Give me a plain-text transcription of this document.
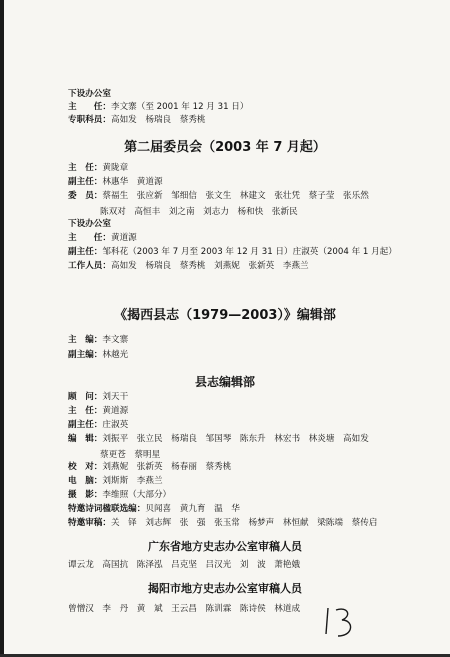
下设办公室
主　　任：李文寨（至 2001 年 12 月 31 日）
专职科员：高如发　杨瑞良　蔡秀桃
第二届委员会（2003 年 7 月起）
主　任：黄陇章
副主任：林惠华　黄道源
委　员：蔡福生　张应新　邹细信　张文生　林建文　张壮凭　蔡子莹　张乐然
陈双对　高恒丰　刘之南　刘志力　杨和快　张新民
下设办公室
主　　任：黄道源
副主任：邹科花（2003 年 7 月至 2003 年 12 月 31 日）庄淑英（2004 年 1 月起）
工作人员：高如发　杨瑞良　蔡秀桃　刘燕妮　张新英　李燕兰
《揭西县志（1979—2003）》编辑部
主　编：李文寨
副主编：林越光
县志编辑部
顾　问：刘天干
主　任：黄道源
副主任：庄淑英
编　辑：刘振平　张立民　杨瑞良　邹国琴　陈东升　林宏书　林炎塘　高如发
蔡更苍　蔡明星
校　对：刘燕妮　张新英　杨春丽　蔡秀桃
电　脑：刘斯斯　李燕兰
摄　影：李维照（大部分）
特邀诗词楹联选编：贝闻喜　黄九育　温　华
特邀审稿：关　铎　刘志辉　张　强　张玉常　杨梦声　林恒献　梁陈端　蔡传启
广东省地方史志办公室审稿人员
谭云龙　高国抗　陈泽泓　吕克坚　吕汉光　刘　波　萧艳娥
揭阳市地方史志办公室审稿人员
曾憎汉　李　丹　黄　斌　王云昌　陈训霖　陈诗侯　林道成
